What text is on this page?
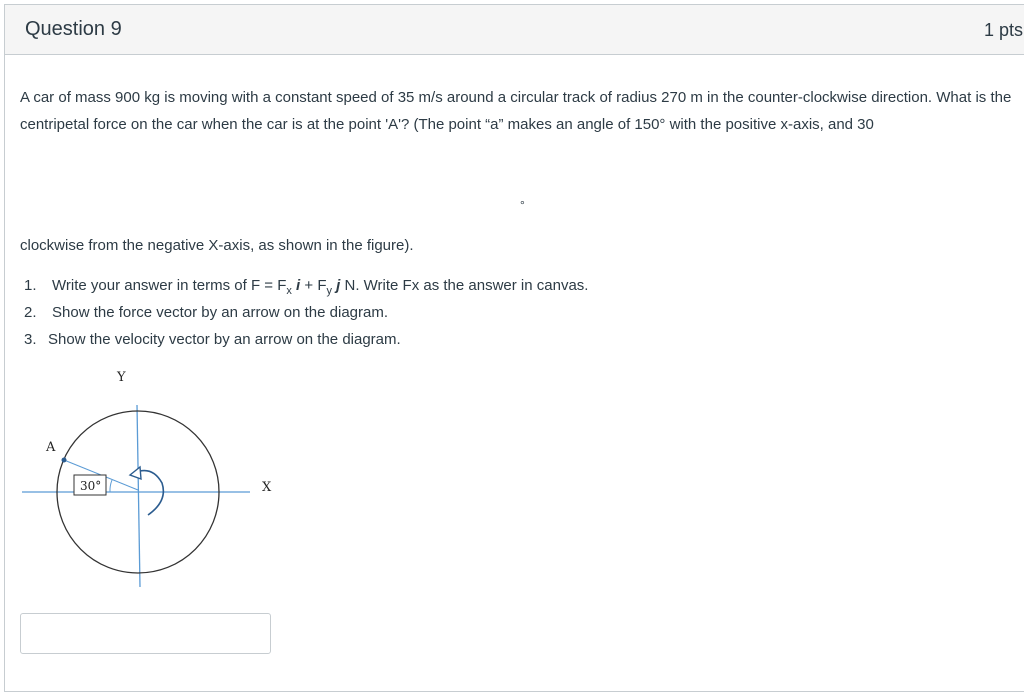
Question 9	1 pts

A car of mass 900 kg is moving with a constant speed of 35 m/s around a circular track of radius 270 m in the counter-clockwise direction. What is the centripetal force on the car when the car is at the point 'A'? (The point “a” makes an angle of 150° with the positive x-axis, and 30

°

clockwise from the negative X-axis, as shown in the figure).

1. Write your answer in terms of $F = F_x$ $i + F_y$ j N. Write Fx as the answer in canvas.
2. Show the force vector by an arrow on the diagram.
3. Show the velocity vector by an arrow on the diagram.
30°
Y
X
A
